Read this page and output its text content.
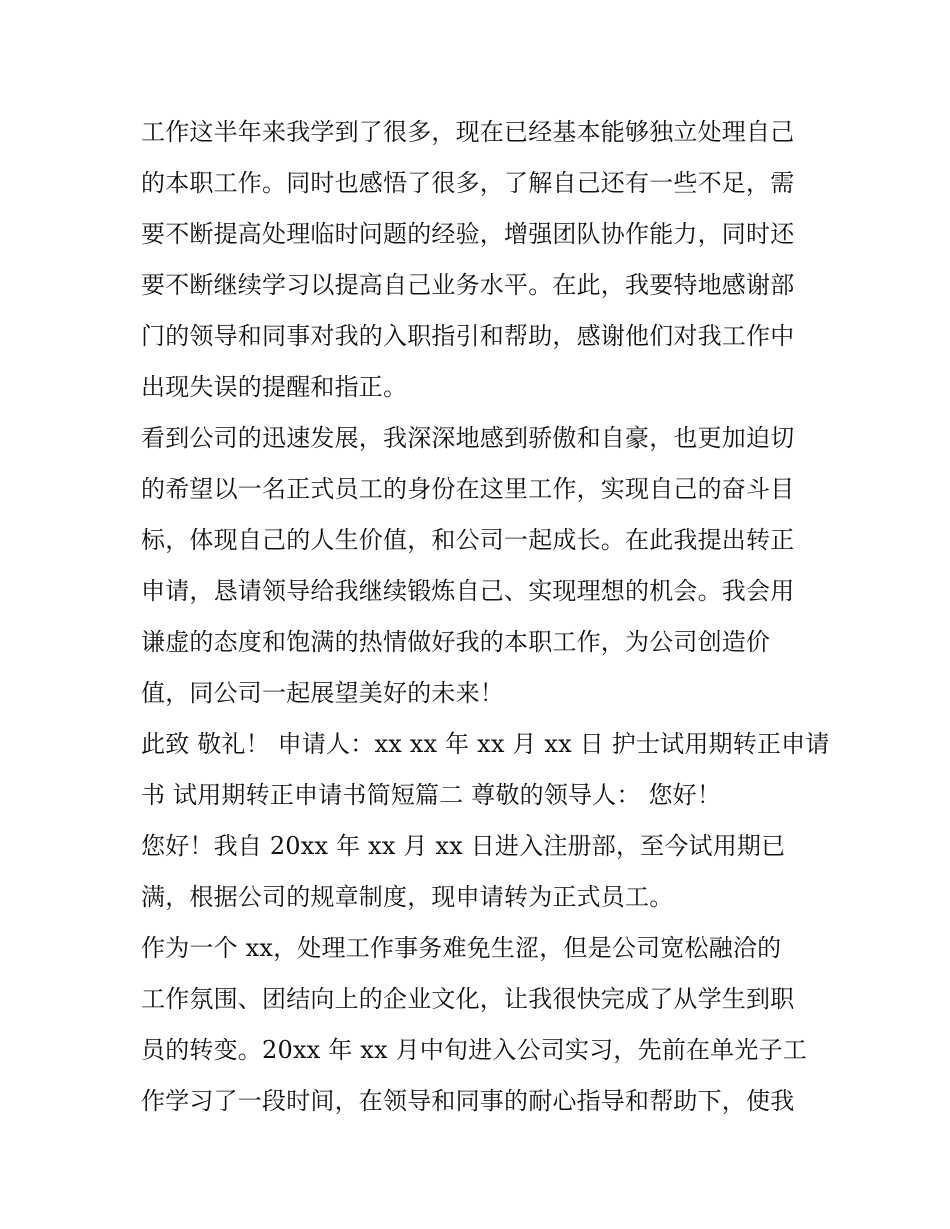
工作这半年来我学到了很多，现在已经基本能够独立处理自己
的本职工作。同时也感悟了很多，了解自己还有一些不足，需
要不断提高处理临时问题的经验，增强团队协作能力，同时还
要不断继续学习以提高自己业务水平。在此，我要特地感谢部
门的领导和同事对我的入职指引和帮助，感谢他们对我工作中
出现失误的提醒和指正。

看到公司的迅速发展，我深深地感到骄傲和自豪，也更加迫切
的希望以一名正式员工的身份在这里工作，实现自己的奋斗目
标，体现自己的人生价值，和公司一起成长。在此我提出转正
申请，恳请领导给我继续锻炼自己、实现理想的机会。我会用
谦虚的态度和饱满的热情做好我的本职工作，为公司创造价
值，同公司一起展望美好的未来！

此致 敬礼！ 申请人：xx xx 年 xx 月 xx 日 护士试用期转正申请
书 试用期转正申请书简短篇二 尊敬的领导人： 您好！

您好！我自 20xx 年 xx 月 xx 日进入注册部，至今试用期已
满，根据公司的规章制度，现申请转为正式员工。

作为一个 xx，处理工作事务难免生涩，但是公司宽松融洽的
工作氛围、团结向上的企业文化，让我很快完成了从学生到职
员的转变。20xx 年 xx 月中旬进入公司实习，先前在单光子工
作学习了一段时间，在领导和同事的耐心指导和帮助下，使我
